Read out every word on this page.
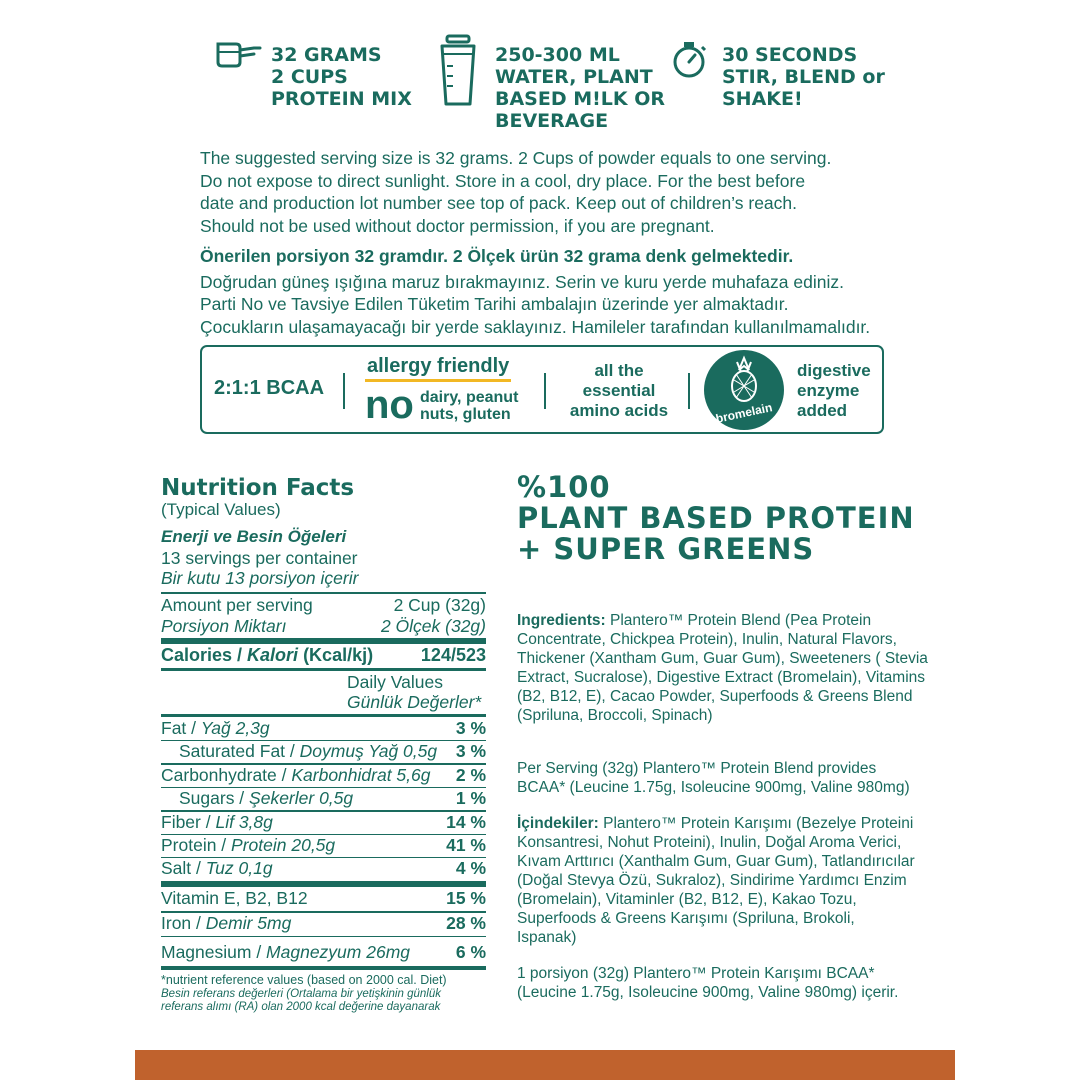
32 GRAMS
2 CUPS
PROTEIN MIX
250-300 ML
WATER, PLANT
BASED M!LK OR
BEVERAGE
30 SECONDS
STIR, BLEND or
SHAKE!
The suggested serving size is 32 grams. 2 Cups of powder equals to one serving.
Do not expose to direct sunlight. Store in a cool, dry place. For the best before
date and production lot number see top of pack. Keep out of children’s reach.
Should not be used without doctor permission, if you are pregnant.
Önerilen porsiyon 32 gramdır. 2 Ölçek ürün 32 grama denk gelmektedir.
Doğrudan güneş ışığına maruz bırakmayınız. Serin ve kuru yerde muhafaza ediniz.
Parti No ve Tavsiye Edilen Tüketim Tarihi ambalajın üzerinde yer almaktadır.
Çocukların ulaşamayacağı bir yerde saklayınız. Hamileler tarafından kullanılmamalıdır.
2:1:1 BCAA
allergy friendly
no dairy, peanut
nuts, gluten
all the
essential
amino acids	bromelain
digestive
enzyme
added
Nutrition Facts
(Typical Values)
Enerji ve Besin Öğeleri
13 servings per container
Bir kutu 13 porsiyon içerir
Amount per serving	2 Cup (32g)
Porsiyon Miktarı	2 Ölçek (32g)
Calories / Kalori (Kcal/kj)	124/523
Daily Values
Günlük Değerler*
Fat / Yağ 2,3g	3 %
Saturated Fat / Doymuş Yağ 0,5g 3 %
Carbonhydrate / Karbonhidrat 5,6g 2 %
Sugars / Şekerler 0,5g	1 %
Fiber / Lif 3,8g	14 %
Protein / Protein 20,5g	41 %
Salt / Tuz 0,1g	4 %
Vitamin E, B2, B12	15 %
Iron / Demir 5mg	28 %
Magnesium / Magnezyum 26mg	6 %
*nutrient reference values (based on 2000 cal. Diet)
Besin referans değerleri (Ortalama bir yetişkinin günlük
referans alımı (RA) olan 2000 kcal değerine dayanarak
%100
PLANT BASED PROTEIN
+ SUPER GREENS
Ingredients: Plantero™ Protein Blend (Pea Protein Concentrate, Chickpea Protein), Inulin, Natural Flavors, Thickener (Xantham Gum, Guar Gum), Sweeteners ( Stevia Extract, Sucralose), Digestive Extract (Bromelain), Vitamins (B2, B12, E), Cacao Powder, Superfoods & Greens Blend (Spriluna, Broccoli, Spinach)
Per Serving (32g) Plantero™ Protein Blend provides BCAA* (Leucine 1.75g, Isoleucine 900mg, Valine 980mg)
İçindekiler: Plantero™ Protein Karışımı (Bezelye Proteini Konsantresi, Nohut Proteini), Inulin, Doğal Aroma Verici, Kıvam Arttırıcı (Xanthalm Gum, Guar Gum), Tatlandırıcılar (Doğal Stevya Özü, Sukraloz), Sindirime Yardımcı Enzim (Bromelain), Vitaminler (B2, B12, E), Kakao Tozu, Superfoods & Greens Karışımı (Spriluna, Brokoli, Ispanak)
1 porsiyon (32g) Plantero™ Protein Karışımı BCAA* (Leucine 1.75g, Isoleucine 900mg, Valine 980mg) içerir.
